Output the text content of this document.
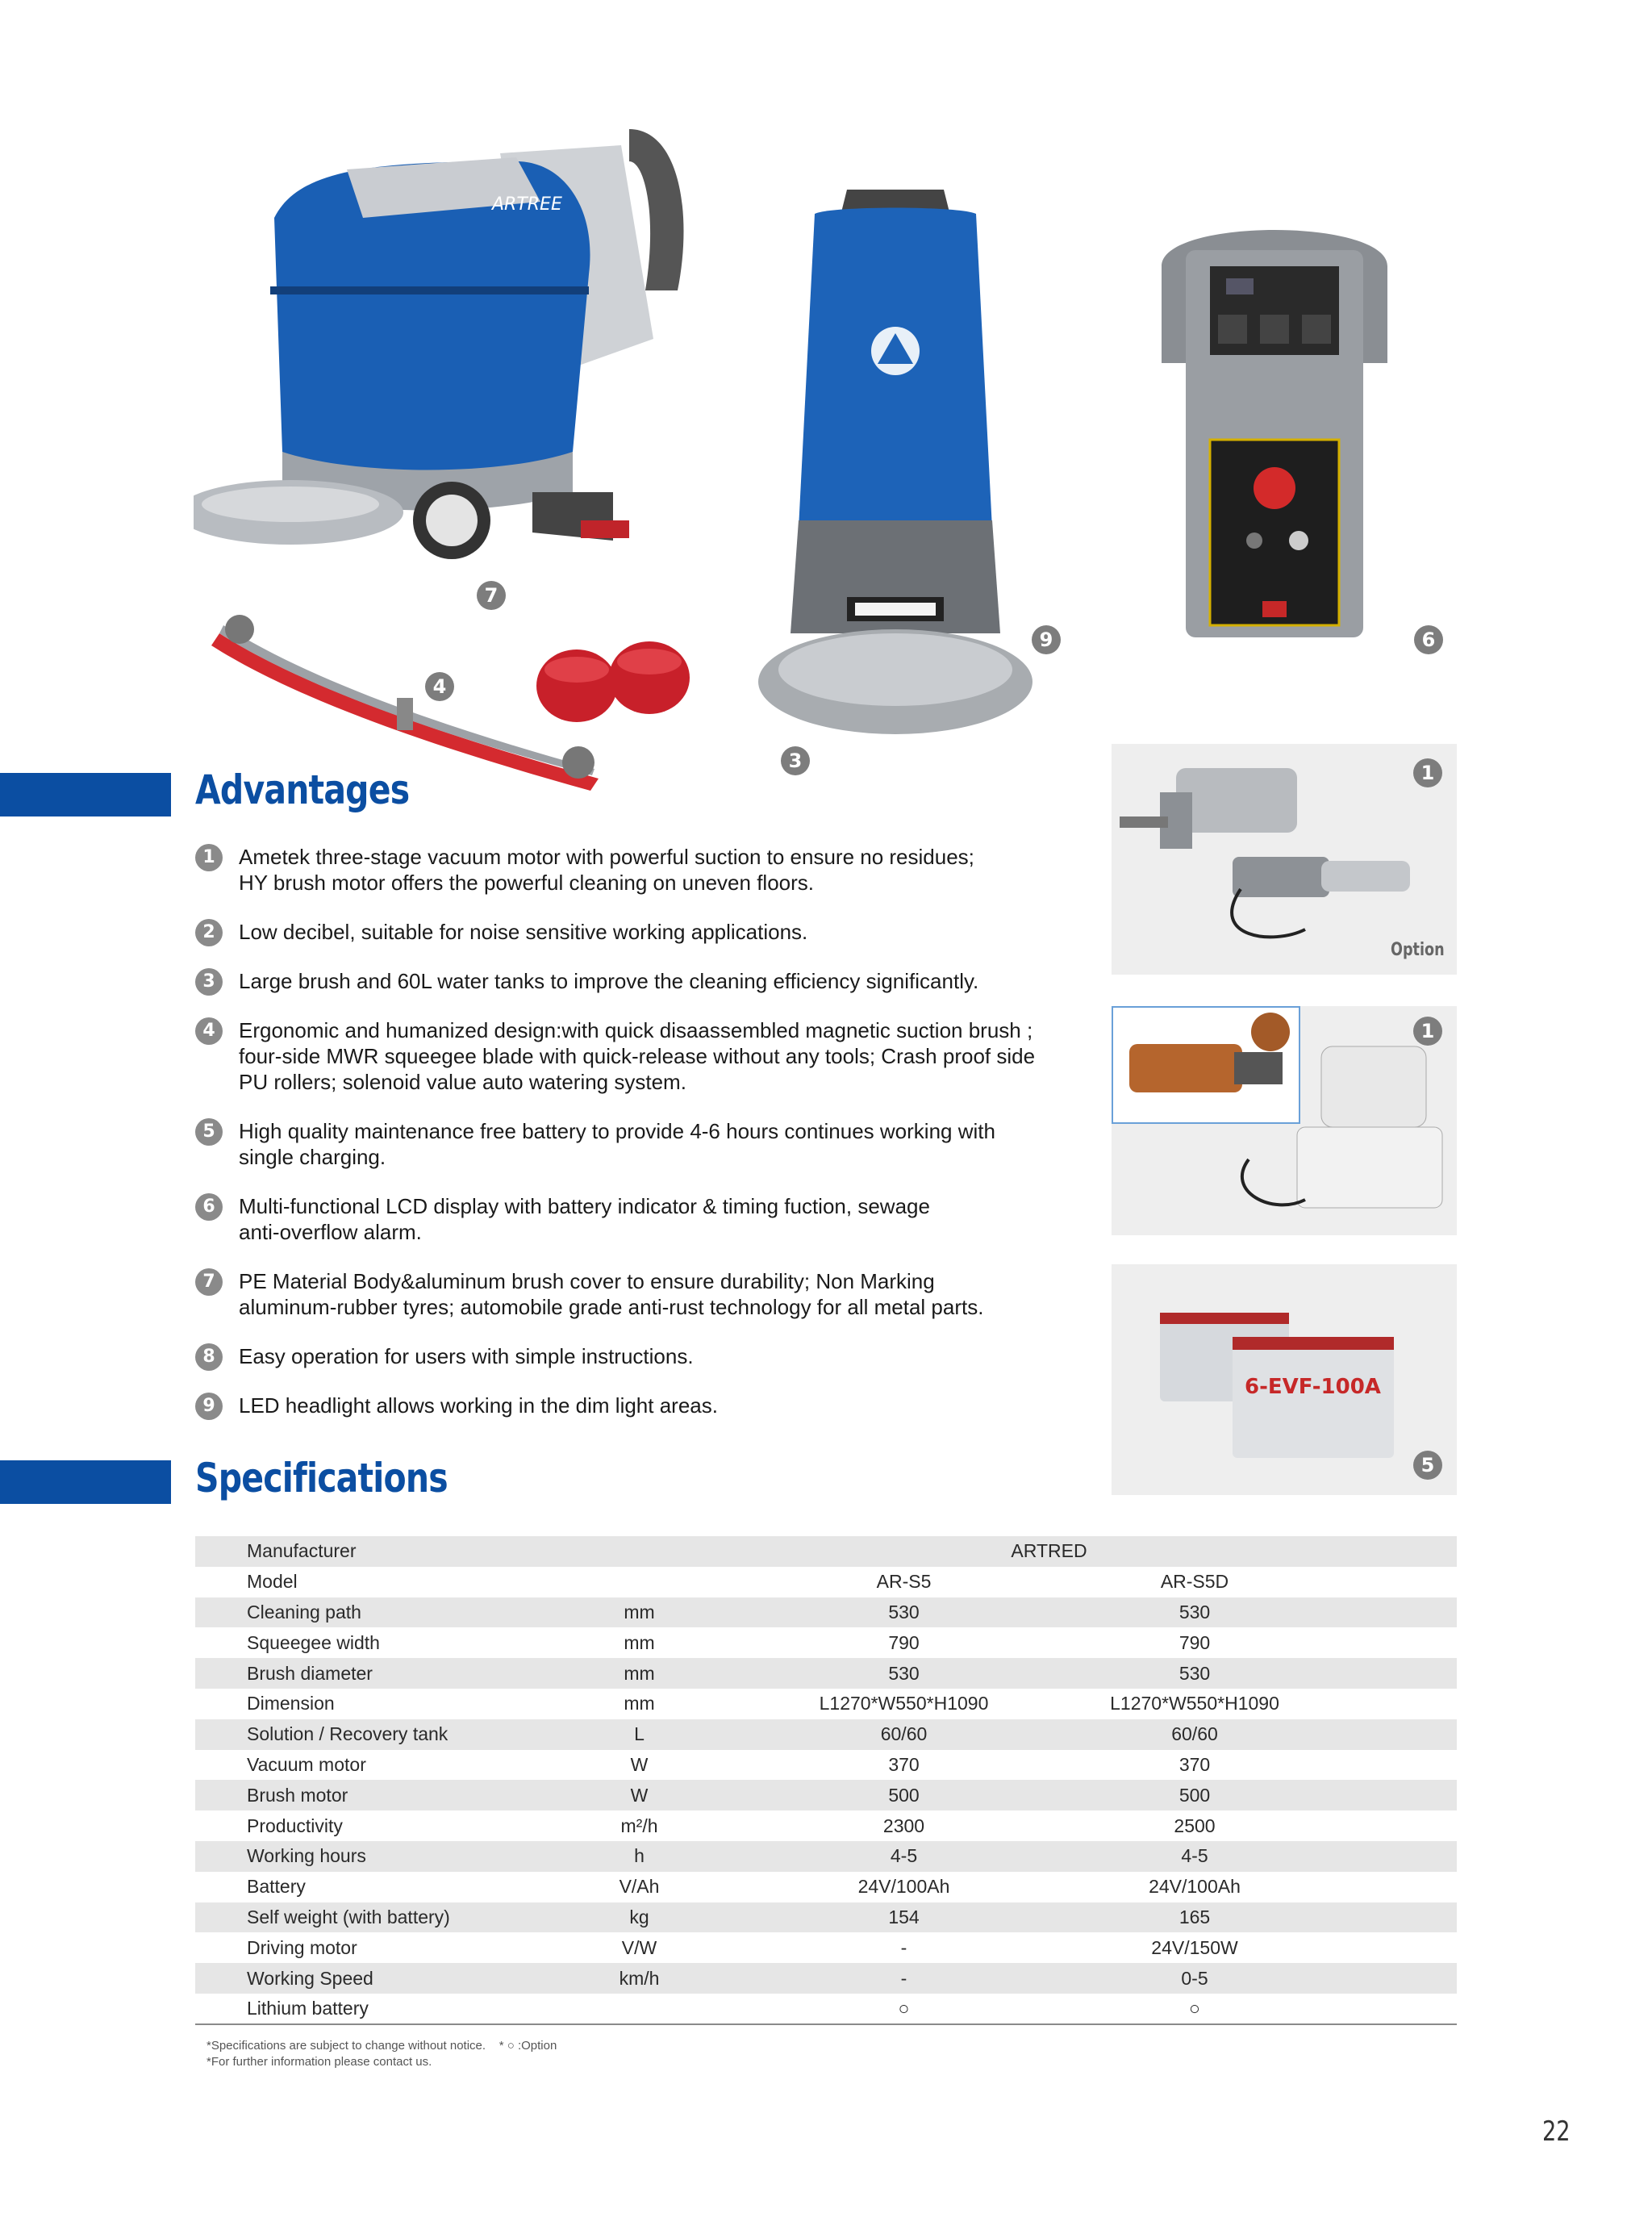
ARTREE
7
4
9
3
6
Advantages
1	Ametek three-stage vacuum motor with powerful suction to ensure no residues;
HY brush motor offers the powerful cleaning on uneven floors.
2	Low decibel, suitable for noise sensitive working applications.
3	Large brush and 60L water tanks to improve the cleaning efficiency significantly.
4	Ergonomic and humanized design:with quick disaassembled magnetic suction brush ;
four-side MWR squeegee blade with quick-release without any tools; Crash proof side
PU rollers; solenoid value auto watering system.
5	High quality maintenance free battery to provide 4-6 hours continues working with
single charging.
6	Multi-functional LCD display with battery indicator & timing fuction, sewage
anti-overflow alarm.
7	PE Material Body&aluminum brush cover to ensure durability; Non Marking
aluminum-rubber tyres; automobile grade anti-rust technology for all metal parts.
8	Easy operation for users with simple instructions.
9	LED headlight allows working in the dim light areas.
1
Option
1
6-EVF-100A
5
Specifications
Manufacturer		ARTRED		
Model		AR-S5	AR-S5D	
Cleaning path	mm	530	530	
Squeegee width	mm	790	790	
Brush diameter	mm	530	530	
Dimension	mm	L1270*W550*H1090	L1270*W550*H1090	
Solution / Recovery tank	L	60/60	60/60	
Vacuum motor	W	370	370	
Brush motor	W	500	500	
Productivity	m²/h	2300	2500	
Working hours	h	4-5	4-5	
Battery	V/Ah	24V/100Ah	24V/100Ah	
Self weight (with battery)	kg	154	165	
Driving motor	V/W	-	24V/150W	
Working Speed	km/h	-	0-5	
Lithium battery		○	○	
*Specifications are subject to change without notice.    * ○ :Option
*For further information please contact us.
22
